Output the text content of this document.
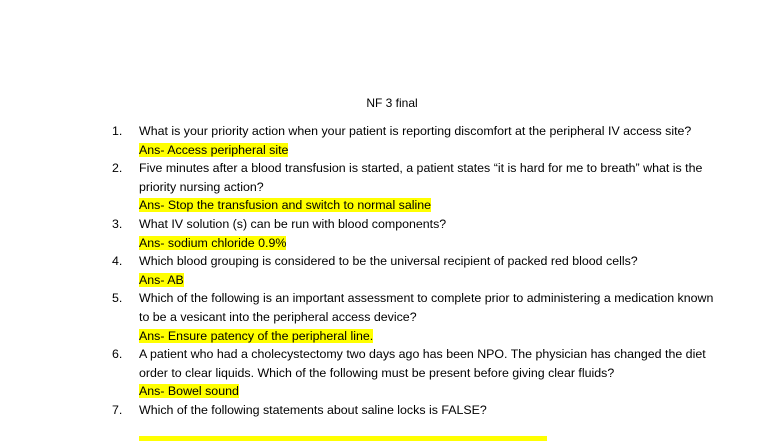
NF 3 final
1. What is your priority action when your patient is reporting discomfort at the peripheral IV access site?
Ans- Access peripheral site
2. Five minutes after a blood transfusion is started, a patient states “it is hard for me to breath” what is the priority nursing action?
Ans- Stop the transfusion and switch to normal saline
3. What IV solution (s) can be run with blood components?
Ans- sodium chloride 0.9%
4. Which blood grouping is considered to be the universal recipient of packed red blood cells?
Ans- AB
5. Which of the following is an important assessment to complete prior to administering a medication known to be a vesicant into the peripheral access device?
Ans- Ensure patency of the peripheral line.
6. A patient who had a cholecystectomy two days ago has been NPO. The physician has changed the diet order to clear liquids. Which of the following must be present before giving clear fluids?
Ans- Bowel sound
7. Which of the following statements about saline locks is FALSE?
